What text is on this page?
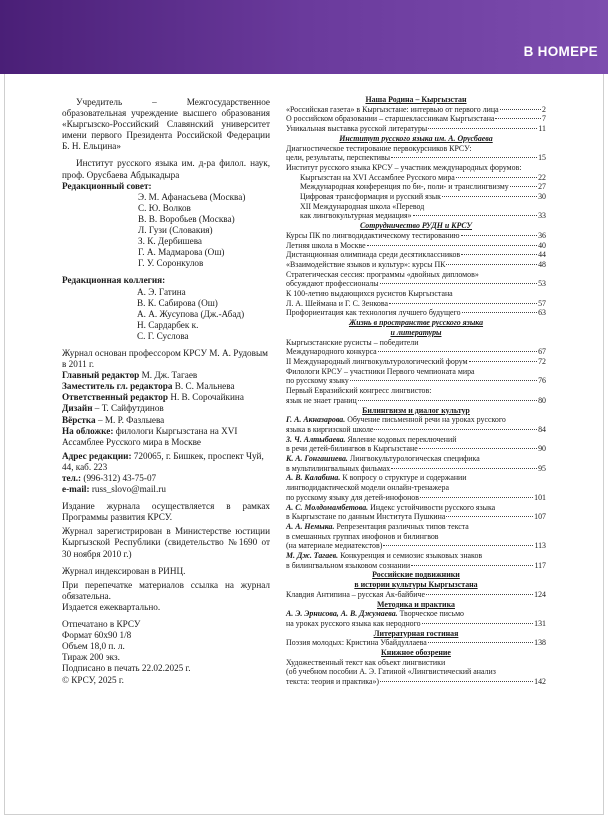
В НОМЕРЕ

Учредитель – Межгосударственное образовательная учреждение высшего образования «Кыргызско-Российский Славянский университет имени первого Президента Российской Федерации Б. Н. Ельцина»

Институт русского языка им. д-ра филол. наук, проф. Орусбаева Абдыкадыра

Редакционный совет:

Э. М. Афанасьева (Москва)

С. Ю. Волков

В. В. Воробьев (Москва)

Л. Гузи (Словакия)

З. К. Дербишева

Г. А. Мадмарова (Ош)

Г. У. Соронкулов

Редакционная коллегия:

А. Э. Гатина

В. К. Сабирова (Ош)

А. А. Жусупова (Дж.-Абад)

Н. Сардарбек к.

С. Г. Суслова

Журнал основан профессором КРСУ М. А. Рудовым в 2011 г.

Главный редактор М. Дж. Тагаев

Заместитель гл. редактора В. С. Мальнева

Ответственный редактор Н. В. Сорочайкина

Дизайн – Т. Сайфутдинов

Вёрстка – М. Р. Фазлыева

На обложке: филологи Кыргызстана на XVI Ассамблее Русского мира в Москве

Адрес редакции: 720065, г. Бишкек, проспект Чуй, 44, каб. 223

тел.: (996-312) 43-75-07

e-mail: russ_slovo@mail.ru

Издание журнала осуществляется в рамках Программы развития КРСУ.

Журнал зарегистрирован в Министерстве юстиции Кыргызской Республики (свидетельство №1690 от 30 ноября 2010 г.)

Журнал индексирован в РИНЦ.

При перепечатке материалов ссылка на журнал обязательна.

Издается ежеквартально.

Отпечатано в КРСУ

Формат 60x90 1/8

Объем 18,0 п. л.

Тираж 200 экз.

Подписано в печать 22.02.2025 г.

© КРСУ, 2025 г.

Наша Родина – Кыргызстан
«Российская газета» в Кыргызстане: интервью от первого лица	2
О российском образовании – старшеклассникам Кыргызстана	7
Уникальная выставка русской литературы	11
Институт русского языка им. А. Орусбаева
Диагностическое тестирование первокурсников КРСУ:
цели, результаты, перспективы	15
Институт русского языка КРСУ – участник международных форумов:
Кыргызстан на XVI Ассамблее Русского мира	22
Международная конференция по би-, поли- и транслингвизму	27
Цифровая трансформация и русский язык	30
XII Международная школа «Перевод
как лингвокультурная медиация»	33
Сотрудничество РУДН и КРСУ
Курсы ПК по лингводидактическому тестированию	36
Летняя школа в Москве	40
Дистанционная олимпиада среди десятиклассников	44
«Взаимодействие языков и культур»: курсы ПК	48
Стратегическая сессия: программы «двойных дипломов»
обсуждают профессионалы	53
К 100-летию выдающихся русистов Кыргызстана
Л. А. Шеймана и Г. С. Зенкова	57
Профориентация как технология лучшего будущего	63
Жизнь в пространстве русского языка
и литературы
Кыргызстанские русисты – победители
Международного конкурса	67
II Международный лингвокультурологический форум	72
Филологи КРСУ – участники Первого чемпионата мира
по русскому языку	76
Первый Евразийский конгресс лингвистов:
язык не знает границ	80
Билингвизм и диалог культур
Г. А. Акназарова. Обучение письменной речи на уроках русского
языка в киргизской школе	84
З. Ч. Алтыбаева. Явление кодовых переключений
в речи детей-билингвов в Кыргызстане	90
К. А. Гонгашиева. Лингвокультурологическая специфика
в мультилингвальных фильмах	95
А. В. Калабина. К вопросу о структуре и содержании
лингводидактической модели онлайн-тренажера
по русскому языку для детей-инофонов	101
А. С. Молдомамбетова. Индекс устойчивости русского языка
в Кыргызстане по данным Института Пушкина	107
А. А. Немыка. Репрезентация различных типов текста
в смешанных группах инофонов и билингвов
(на материале медиатекстов)	113
М. Дж. Тагаев. Конкуренция и семиозис языковых знаков
в билингвальном языковом сознании	117
Российские подвижники
в истории культуры Кыргызстана
Клавдия Антипина – русская Ак-байбиче	124
Методика и практика
А. Э. Эрнисова, А. В. Джумаева. Творческое письмо
на уроках русского языка как неродного	131
Литературная гостиная
Поэзия молодых: Кристина Убайдуллаева	138
Книжное обозрение
Художественный текст как объект лингвистики
(об учебном пособии А. Э. Гатиной «Лингвистический анализ
текста: теория и практика»)	142
